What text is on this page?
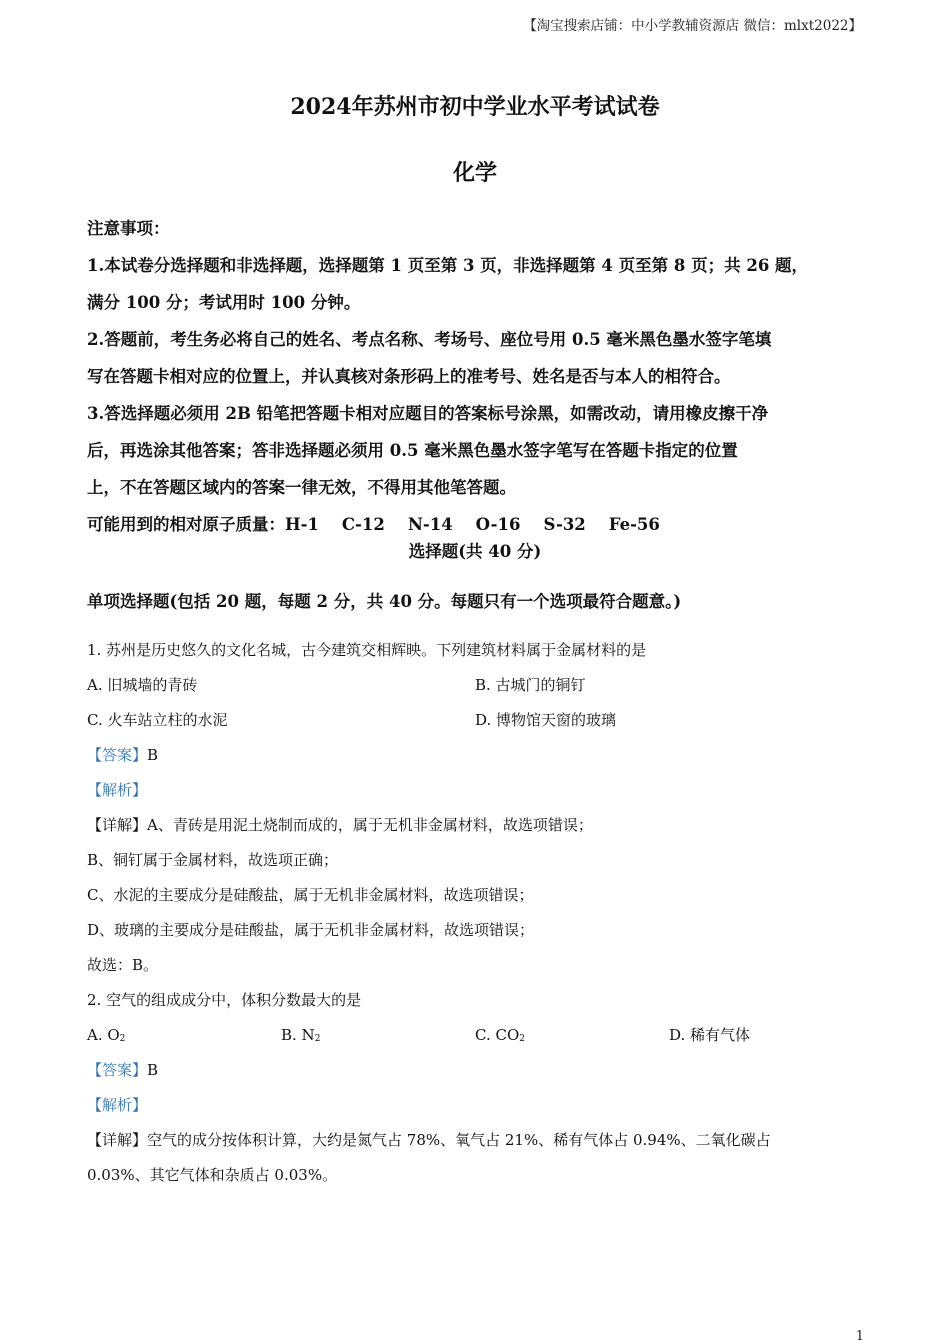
【淘宝搜索店铺：中小学教辅资源店 微信：mlxt2022】
2024年苏州市初中学业水平考试试卷
化学

注意事项：

1.本试卷分选择题和非选择题，选择题第 1 页至第 3 页，非选择题第 4 页至第 8 页；共 26 题，

满分 100 分；考试用时 100 分钟。

2.答题前，考生务必将自己的姓名、考点名称、考场号、座位号用 0.5 毫米黑色墨水签字笔填

写在答题卡相对应的位置上，并认真核对条形码上的准考号、姓名是否与本人的相符合。

3.答选择题必须用 2B 铅笔把答题卡相对应题目的答案标号涂黑，如需改动，请用橡皮擦干净

后，再选涂其他答案；答非选择题必须用 0.5 毫米黑色墨水签字笔写在答题卡指定的位置

上，不在答题区域内的答案一律无效，不得用其他笔答题。

可能用到的相对原子质量：H-1    C-12    N-14    O-16    S-32    Fe-56

选择题(共 40 分)

单项选择题(包括 20 题，每题 2 分，共 40 分。每题只有一个选项最符合题意。)

1. 苏州是历史悠久的文化名城，古今建筑交相辉映。下列建筑材料属于金属材料的是
A. 旧城墙的青砖	B. 古城门的铜钉
C. 火车站立柱的水泥	D. 博物馆天窗的玻璃
【答案】B
【解析】
【详解】A、青砖是用泥土烧制而成的，属于无机非金属材料，故选项错误；
B、铜钉属于金属材料，故选项正确；
C、水泥的主要成分是硅酸盐，属于无机非金属材料，故选项错误；
D、玻璃的主要成分是硅酸盐，属于无机非金属材料，故选项错误；
故选：B。
2. 空气的组成成分中，体积分数最大的是
A. $O_2$	B. $N_2$	C. $CO_2$	D. 稀有气体
【答案】B
【解析】
【详解】空气的成分按体积计算，大约是氮气占 78%、氧气占 21%、稀有气体占 0.94%、二氧化碳占
0.03%、其它气体和杂质占 0.03%。
1
